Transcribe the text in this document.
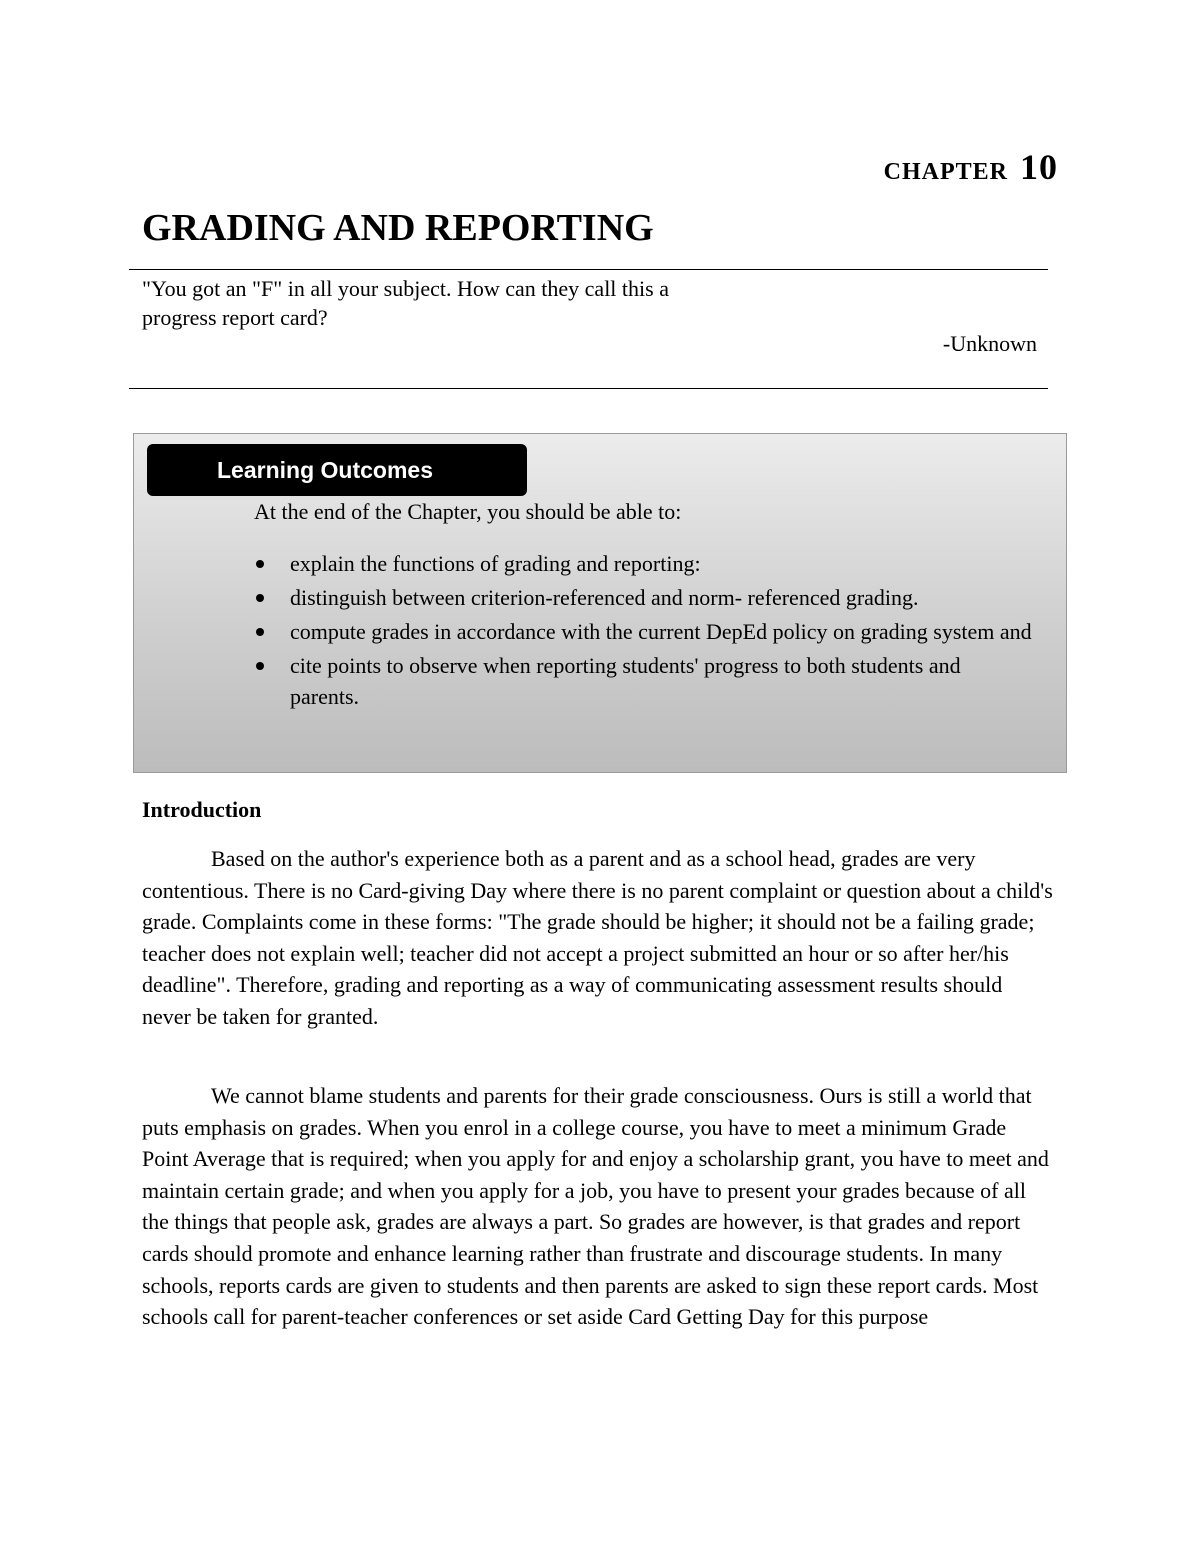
CHAPTER 10
GRADING AND REPORTING

"You got an "F" in all your subject. How can they call this a progress report card?

-Unknown

Learning Outcomes

At the end of the Chapter, you should be able to:

explain the functions of grading and reporting:
distinguish between criterion-referenced and norm- referenced grading.
compute grades in accordance with the current DepEd policy on grading system and
cite points to observe when reporting students' progress to both students and parents.
Introduction

Based on the author's experience both as a parent and as a school head, grades are very contentious. There is no Card-giving Day where there is no parent complaint or question about a child's grade. Complaints come in these forms: "The grade should be higher; it should not be a failing grade; teacher does not explain well; teacher did not accept a project submitted an hour or so after her/his deadline". Therefore, grading and reporting as a way of communicating assessment results should never be taken for granted.

We cannot blame students and parents for their grade consciousness. Ours is still a world that puts emphasis on grades. When you enrol in a college course, you have to meet a minimum Grade Point Average that is required; when you apply for and enjoy a scholarship grant, you have to meet and maintain certain grade; and when you apply for a job, you have to present your grades because of all the things that people ask, grades are always a part. So grades are however, is that grades and report cards should promote and enhance learning rather than frustrate and discourage students. In many schools, reports cards are given to students and then parents are asked to sign these report cards. Most schools call for parent-teacher conferences or set aside Card Getting Day for this purpose
